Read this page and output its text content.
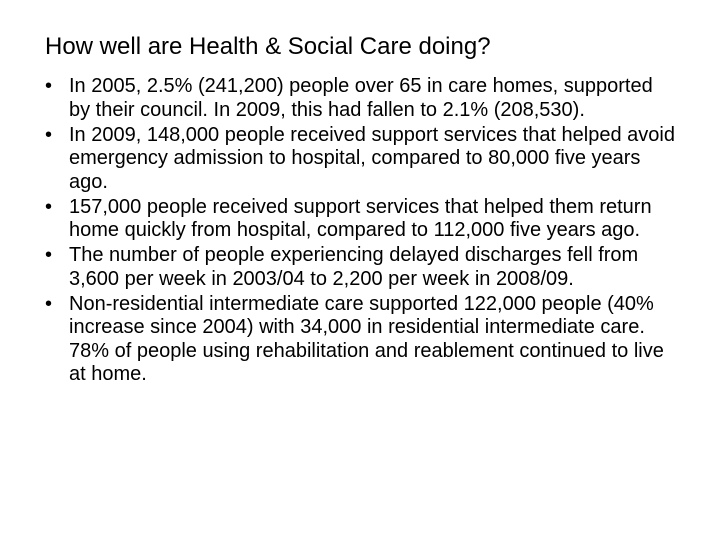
How well are Health & Social Care doing?
• In 2005, 2.5% (241,200) people over 65 in care homes, supported by their council. In 2009, this had fallen to 2.1% (208,530).
• In 2009, 148,000 people received support services that helped avoid emergency admission to hospital, compared to 80,000 five years ago.
• 157,000 people received support services that helped them return home quickly from hospital, compared to 112,000 five years ago.
• The number of people experiencing delayed discharges fell from 3,600 per week in 2003/04 to 2,200 per week in 2008/09.
• Non-residential intermediate care supported 122,000 people (40% increase since 2004) with 34,000 in residential intermediate care. 78% of people using rehabilitation and reablement continued to live at home.
